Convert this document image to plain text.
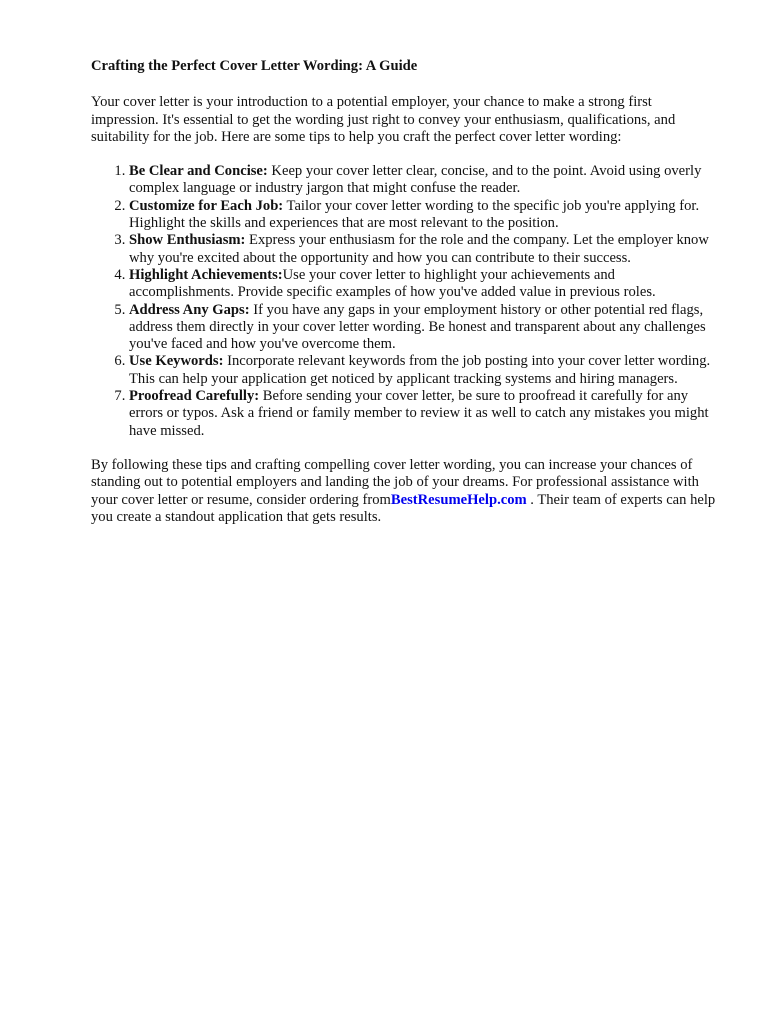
Crafting the Perfect Cover Letter Wording: A Guide

Your cover letter is your introduction to a potential employer, your chance to make a strong first impression. It's essential to get the wording just right to convey your enthusiasm, qualifications, and suitability for the job. Here are some tips to help you craft the perfect cover letter wording:

1. Be Clear and Concise: Keep your cover letter clear, concise, and to the point. Avoid using overly complex language or industry jargon that might confuse the reader.
2. Customize for Each Job: Tailor your cover letter wording to the specific job you're applying for. Highlight the skills and experiences that are most relevant to the position.
3. Show Enthusiasm: Express your enthusiasm for the role and the company. Let the employer know why you're excited about the opportunity and how you can contribute to their success.
4. Highlight Achievements:Use your cover letter to highlight your achievements and accomplishments. Provide specific examples of how you've added value in previous roles.
5. Address Any Gaps: If you have any gaps in your employment history or other potential red flags, address them directly in your cover letter wording. Be honest and transparent about any challenges you've faced and how you've overcome them.
6. Use Keywords: Incorporate relevant keywords from the job posting into your cover letter wording. This can help your application get noticed by applicant tracking systems and hiring managers.
7. Proofread Carefully: Before sending your cover letter, be sure to proofread it carefully for any errors or typos. Ask a friend or family member to review it as well to catch any mistakes you might have missed.

By following these tips and crafting compelling cover letter wording, you can increase your chances of standing out to potential employers and landing the job of your dreams. For professional assistance with your cover letter or resume, consider ordering fromBestResumeHelp.com . Their team of experts can help you create a standout application that gets results.
